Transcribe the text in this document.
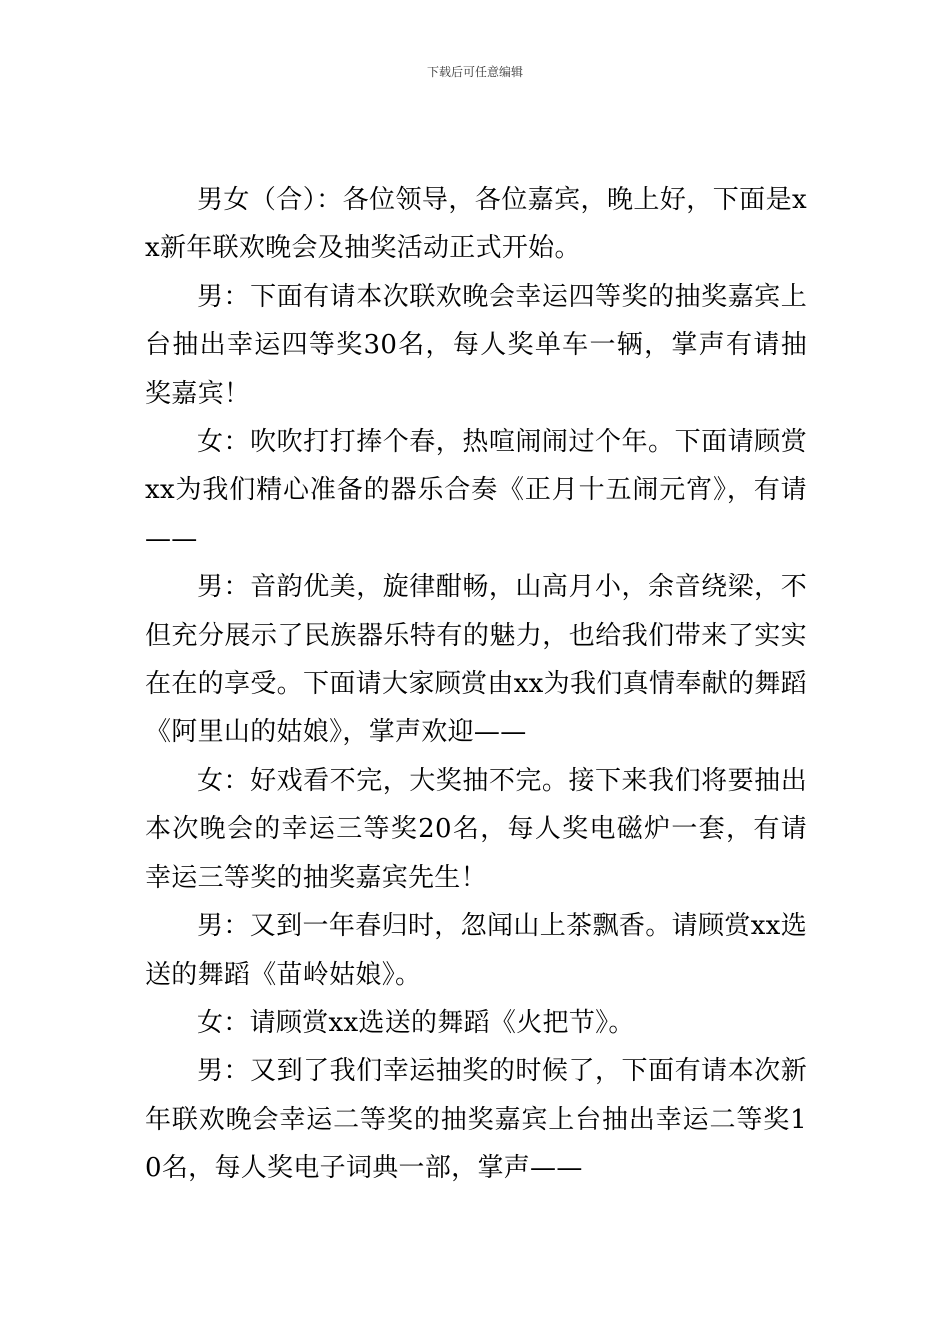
下载后可任意编辑

男女（合）：各位领导，各位嘉宾，晚上好，下面是xx新年联欢晚会及抽奖活动正式开始。

男：下面有请本次联欢晚会幸运四等奖的抽奖嘉宾上台抽出幸运四等奖30名，每人奖单车一辆，掌声有请抽奖嘉宾！

女：吹吹打打捧个春，热喧闹闹过个年。下面请顾赏xx为我们精心准备的器乐合奏《正月十五闹元宵》，有请——

男：音韵优美，旋律酣畅，山高月小，余音绕梁，不但充分展示了民族器乐特有的魅力，也给我们带来了实实在在的享受。下面请大家顾赏由xx为我们真情奉献的舞蹈《阿里山的姑娘》，掌声欢迎——

女：好戏看不完，大奖抽不完。接下来我们将要抽出本次晚会的幸运三等奖20名，每人奖电磁炉一套，有请幸运三等奖的抽奖嘉宾先生！

男：又到一年春归时，忽闻山上茶飘香。请顾赏xx选送的舞蹈《苗岭姑娘》。

女：请顾赏xx选送的舞蹈《火把节》。

男：又到了我们幸运抽奖的时候了，下面有请本次新年联欢晚会幸运二等奖的抽奖嘉宾上台抽出幸运二等奖10名，每人奖电子词典一部，掌声——
